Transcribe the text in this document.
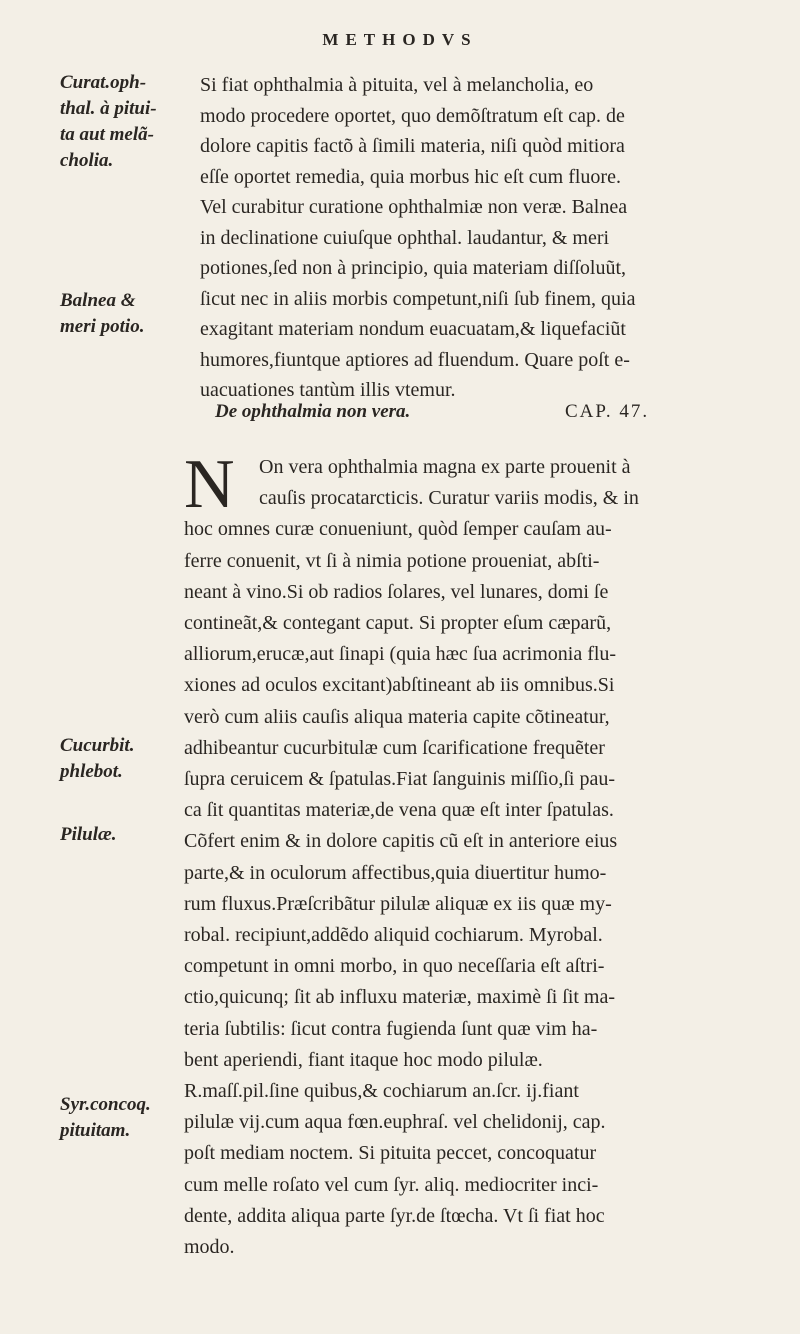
METHODVS
Curat.oph-
thal. à pitui-
ta aut melã-
cholia.
Balnea &
meri potio.
Cucurbit.
phlebot.
Pilulæ.
Syr.concoq.
pituitam.

Si fiat ophthalmia à pituita, vel à melancholia, eo

modo procedere oportet, quo demõſtratum eſt cap. de

dolore capitis factõ à ſimili materia, niſi quòd mitiora

eſſe oportet remedia, quia morbus hic eſt cum fluore.

Vel curabitur curatione ophthalmiæ non veræ. Balnea

in declinatione cuiuſque ophthal. laudantur, & meri

potiones,ſed non à principio, quia materiam diſſoluũt,

ſicut nec in aliis morbis competunt,niſi ſub finem, quia

exagitant materiam nondum euacuatam,& liquefaciũt

humores,fiuntque aptiores ad fluendum. Quare poſt e-

uacuationes tantùm illis vtemur.

De ophthalmia non vera.	CAP. 47.
N	On vera ophthalmia magna ex parte prouenit à

cauſis procatarcticis. Curatur variis modis, & in

hoc omnes curæ conueniunt, quòd ſemper cauſam au-

ferre conuenit, vt ſi à nimia potione proueniat, abſti-

neant à vino.Si ob radios ſolares, vel lunares, domi ſe

contineãt,& contegant caput. Si propter eſum cæparũ,

alliorum,erucæ,aut ſinapi (quia hæc ſua acrimonia flu-

xiones ad oculos excitant)abſtineant ab iis omnibus.Si

verò cum aliis cauſis aliqua materia capite cõtineatur,

adhibeantur cucurbitulæ cum ſcarificatione frequẽter

ſupra ceruicem & ſpatulas.Fiat ſanguinis miſſio,ſi pau-

ca ſit quantitas materiæ,de vena quæ eſt inter ſpatulas.

Cõfert enim & in dolore capitis cũ eſt in anteriore eius

parte,& in oculorum affectibus,quia diuertitur humo-

rum fluxus.Præſcribãtur pilulæ aliquæ ex iis quæ my-

robal. recipiunt,addẽdo aliquid cochiarum. Myrobal.

competunt in omni morbo, in quo neceſſaria eſt aſtri-

ctio,quicunq; ſit ab influxu materiæ, maximè ſi ſit ma-

teria ſubtilis: ſicut contra fugienda ſunt quæ vim ha-

bent aperiendi, fiant itaque hoc modo pilulæ.

R.maſſ.pil.ſine quibus,& cochiarum an.ſcr. ij.fiant

pilulæ vij.cum aqua fœn.euphraſ. vel chelidonij, cap.

poſt mediam noctem. Si pituita peccet, concoquatur

cum melle roſato vel cum ſyr. aliq. mediocriter inci-

dente, addita aliqua parte ſyr.de ſtœcha. Vt ſi fiat hoc

modo.
